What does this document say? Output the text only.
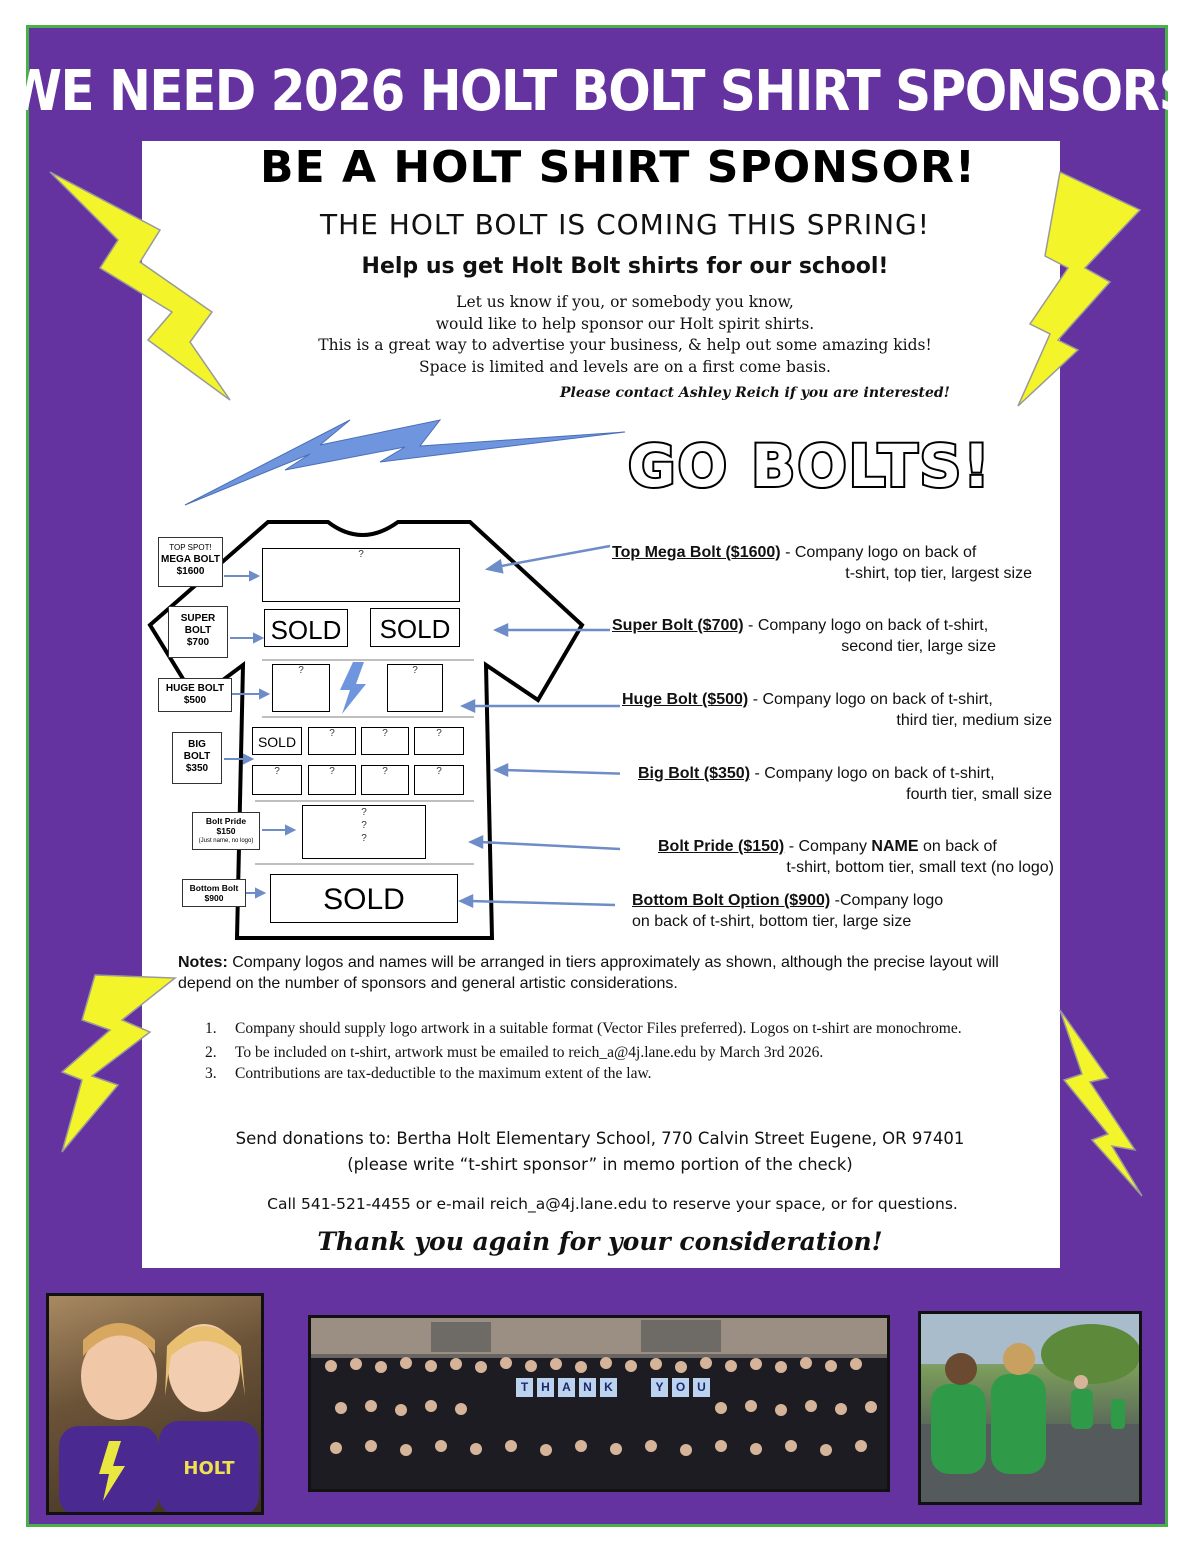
WE NEED 2026 HOLT BOLT SHIRT SPONSORS
BE A HOLT SHIRT SPONSOR!
THE HOLT BOLT IS COMING THIS SPRING!
Help us get Holt Bolt shirts for our school!
Let us know if you, or somebody you know,
would like to help sponsor our Holt spirit shirts.
This is a great way to advertise your business, & help out some amazing kids!
Space is limited and levels are on a first come basis.
Please contact Ashley Reich if you are interested!
GO BOLTS!
TOP SPOT!
MEGA BOLT
$1600
SUPER
BOLT
$700
HUGE BOLT
$500
BIG
BOLT
$350
Bolt Pride
$150
(Just name, no logo)
Bottom Bolt
$900
?
SOLD	SOLD
?	?
SOLD
?	?	?
?	?	?	?
?
?
?
SOLD
Top Mega Bolt ($1600) - Company logo on back of
t-shirt, top tier, largest size
Super Bolt ($700) - Company logo on back of t-shirt,
second tier, large size
Huge Bolt ($500) - Company logo on back of t-shirt,
third tier, medium size
Big Bolt ($350) - Company logo on back of t-shirt,
fourth tier, small size
Bolt Pride ($150) - Company NAME on back of
t-shirt, bottom tier, small text (no logo)
Bottom Bolt Option ($900) -Company logo
on back of t-shirt, bottom tier, large size
Notes: Company logos and names will be arranged in tiers approximately as shown, although the precise layout will depend on the number of sponsors and general artistic considerations.
1. Company should supply logo artwork in a suitable format (Vector Files preferred). Logos on t-shirt are monochrome.
2. To be included on t-shirt, artwork must be emailed to reich_a@4j.lane.edu by March 3rd 2026.
3. Contributions are tax-deductible to the maximum extent of the law.
Send donations to: Bertha Holt Elementary School, 770 Calvin Street Eugene, OR 97401
(please write “t-shirt sponsor” in memo portion of the check)
Call 541-521-4455 or e-mail reich_a@4j.lane.edu to reserve your space, or for questions.
Thank you again for your consideration!
HOLT
T	H	A	N	K	Y	O U
